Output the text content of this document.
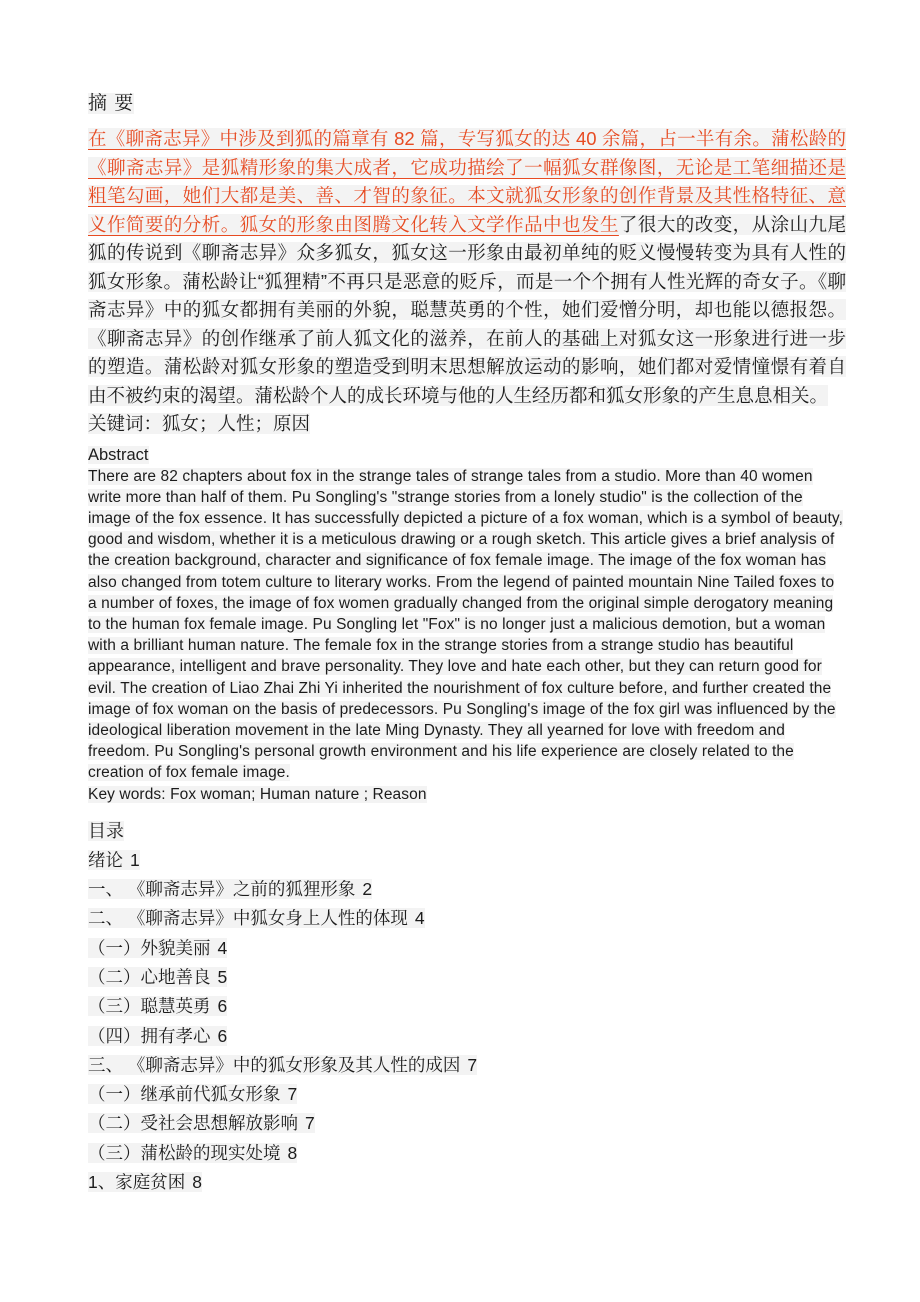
摘 要

在《聊斋志异》中涉及到狐的篇章有 82 篇，专写狐女的达 40 余篇，占一半有余。蒲松龄的《聊斋志异》是狐精形象的集大成者，它成功描绘了一幅狐女群像图，无论是工笔细描还是粗笔勾画，她们大都是美、善、才智的象征。本文就狐女形象的创作背景及其性格特征、意义作简要的分析。狐女的形象由图腾文化转入文学作品中也发生了很大的改变，从涂山九尾狐的传说到《聊斋志异》众多狐女，狐女这一形象由最初单纯的贬义慢慢转变为具有人性的狐女形象。蒲松龄让“狐狸精”不再只是恶意的贬斥，而是一个个拥有人性光辉的奇女子。《聊斋志异》中的狐女都拥有美丽的外貌，聪慧英勇的个性，她们爱憎分明，却也能以德报怨。《聊斋志异》的创作继承了前人狐文化的滋养，在前人的基础上对狐女这一形象进行进一步的塑造。蒲松龄对狐女形象的塑造受到明末思想解放运动的影响，她们都对爱情憧憬有着自由不被约束的渴望。蒲松龄个人的成长环境与他的人生经历都和狐女形象的产生息息相关。

关键词：狐女；人性；原因

Abstract

There are 82 chapters about fox in the strange tales of strange tales from a studio. More than 40 women write more than half of them. Pu Songling's "strange stories from a lonely studio" is the collection of the image of the fox essence. It has successfully depicted a picture of a fox woman, which is a symbol of beauty, good and wisdom, whether it is a meticulous drawing or a rough sketch. This article gives a brief analysis of the creation background, character and significance of fox female image. The image of the fox woman has also changed from totem culture to literary works. From the legend of painted mountain Nine Tailed foxes to a number of foxes, the image of fox women gradually changed from the original simple derogatory meaning to the human fox female image. Pu Songling let "Fox" is no longer just a malicious demotion, but a woman with a brilliant human nature. The female fox in the strange stories from a strange studio has beautiful appearance, intelligent and brave personality. They love and hate each other, but they can return good for evil. The creation of Liao Zhai Zhi Yi inherited the nourishment of fox culture before, and further created the image of fox woman on the basis of predecessors. Pu Songling's image of the fox girl was influenced by the ideological liberation movement in the late Ming Dynasty. They all yearned for love with freedom and freedom. Pu Songling's personal growth environment and his life experience are closely related to the creation of fox female image.

Key words: Fox woman; Human nature ; Reason

目录

绪论 1
一、 《聊斋志异》之前的狐狸形象 2
二、 《聊斋志异》中狐女身上人性的体现 4
（一）外貌美丽 4
（二）心地善良 5
（三）聪慧英勇 6
（四）拥有孝心 6
三、 《聊斋志异》中的狐女形象及其人性的成因 7
（一）继承前代狐女形象 7
（二）受社会思想解放影响 7
（三）蒲松龄的现实处境 8
1、家庭贫困 8
